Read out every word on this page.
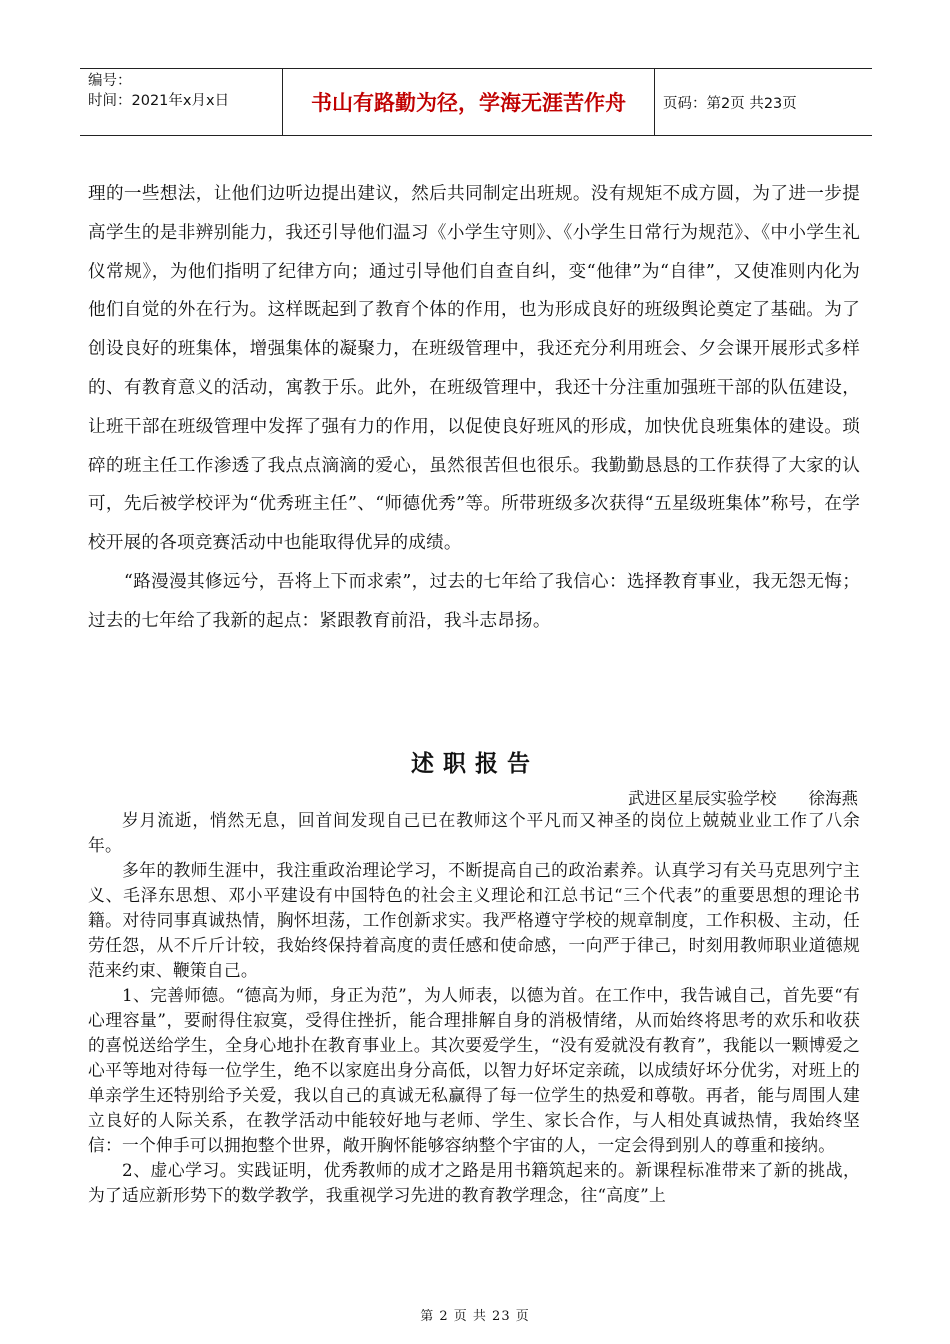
编号：
时间：2021年x月x日	书山有路勤为径，学海无涯苦作舟	页码：第2页 共23页

理的一些想法，让他们边听边提出建议，然后共同制定出班规。没有规矩不成方圆，为了进一步提高学生的是非辨别能力，我还引导他们温习《小学生守则》、《小学生日常行为规范》、《中小学生礼仪常规》，为他们指明了纪律方向；通过引导他们自查自纠，变“他律”为“自律”，又使准则内化为他们自觉的外在行为。这样既起到了教育个体的作用，也为形成良好的班级舆论奠定了基础。为了创设良好的班集体，增强集体的凝聚力，在班级管理中，我还充分利用班会、夕会课开展形式多样的、有教育意义的活动，寓教于乐。此外，在班级管理中，我还十分注重加强班干部的队伍建设，让班干部在班级管理中发挥了强有力的作用，以促使良好班风的形成，加快优良班集体的建设。琐碎的班主任工作渗透了我点点滴滴的爱心，虽然很苦但也很乐。我勤勤恳恳的工作获得了大家的认可，先后被学校评为“优秀班主任”、“师德优秀”等。所带班级多次获得“五星级班集体”称号，在学校开展的各项竞赛活动中也能取得优异的成绩。

　　“路漫漫其修远兮，吾将上下而求索”，过去的七年给了我信心：选择教育事业，我无怨无悔；过去的七年给了我新的起点：紧跟教育前沿，我斗志昂扬。

述职报告
武进区星辰实验学校 徐海燕

岁月流逝，悄然无息，回首间发现自己已在教师这个平凡而又神圣的岗位上兢兢业业工作了八余年。

多年的教师生涯中，我注重政治理论学习，不断提高自己的政治素养。认真学习有关马克思列宁主义、毛泽东思想、邓小平建设有中国特色的社会主义理论和江总书记“三个代表”的重要思想的理论书籍。对待同事真诚热情，胸怀坦荡，工作创新求实。我严格遵守学校的规章制度，工作积极、主动，任劳任怨，从不斤斤计较，我始终保持着高度的责任感和使命感，一向严于律己，时刻用教师职业道德规范来约束、鞭策自己。

1、完善师德。“德高为师，身正为范”，为人师表，以德为首。在工作中，我告诫自己，首先要“有心理容量”，要耐得住寂寞，受得住挫折，能合理排解自身的消极情绪，从而始终将思考的欢乐和收获的喜悦送给学生，全身心地扑在教育事业上。其次要爱学生，“没有爱就没有教育”，我能以一颗博爱之心平等地对待每一位学生，绝不以家庭出身分高低，以智力好坏定亲疏，以成绩好坏分优劣，对班上的单亲学生还特别给予关爱，我以自己的真诚无私赢得了每一位学生的热爱和尊敬。再者，能与周围人建立良好的人际关系，在教学活动中能较好地与老师、学生、家长合作，与人相处真诚热情，我始终坚信：一个伸手可以拥抱整个世界，敞开胸怀能够容纳整个宇宙的人，一定会得到别人的尊重和接纳。

2、虚心学习。实践证明，优秀教师的成才之路是用书籍筑起来的。新课程标准带来了新的挑战，为了适应新形势下的数学教学，我重视学习先进的教育教学理念，往“高度”上

第 2 页 共 23 页
